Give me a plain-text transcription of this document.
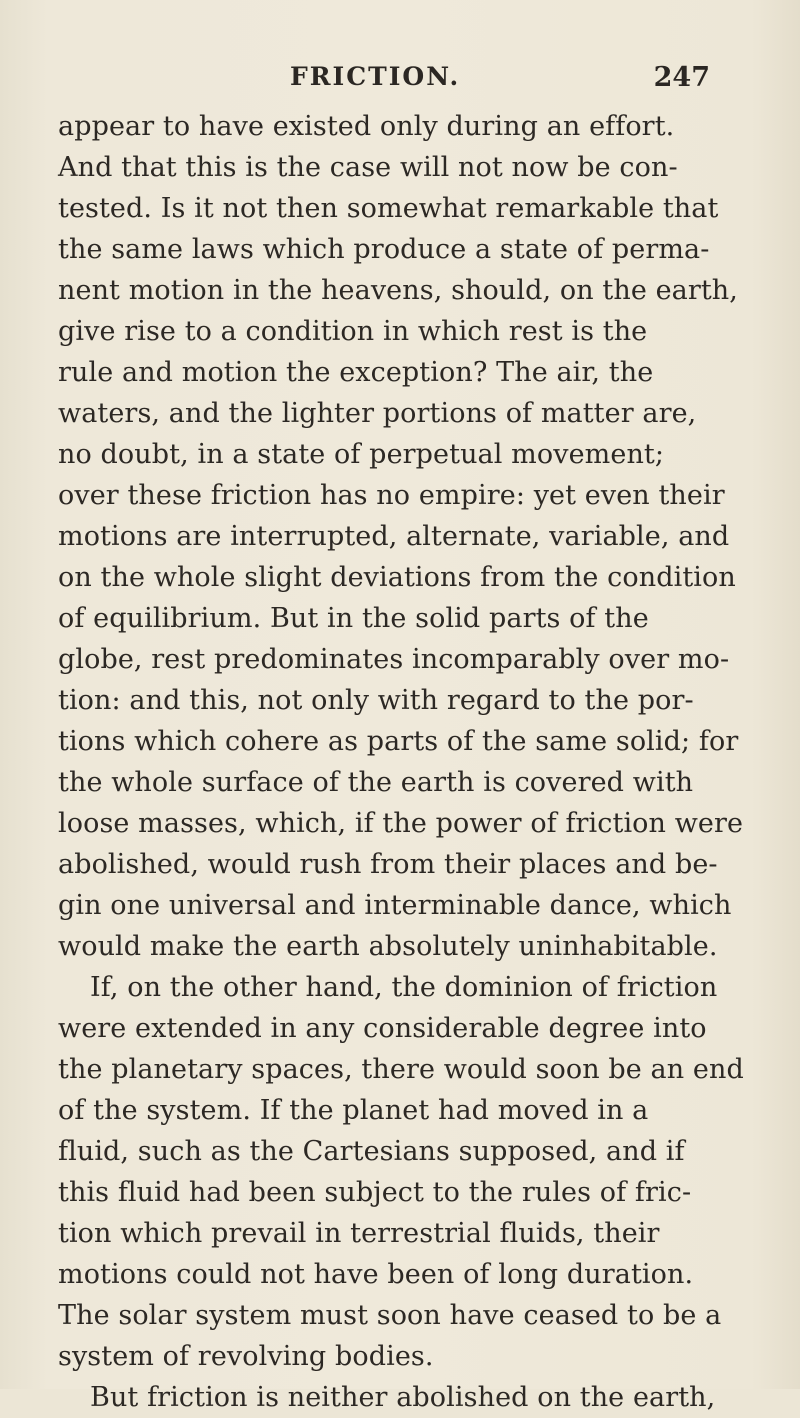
FRICTION.	247
appear to have existed only during an effort.
And that this is the case will not now be con-
tested. Is it not then somewhat remarkable that
the same laws which produce a state of perma-
nent motion in the heavens, should, on the earth,
give rise to a condition in which rest is the
rule and motion the exception? The air, the
waters, and the lighter portions of matter are,
no doubt, in a state of perpetual movement;
over these friction has no empire: yet even their
motions are interrupted, alternate, variable, and
on the whole slight deviations from the condition
of equilibrium. But in the solid parts of the
globe, rest predominates incomparably over mo-
tion: and this, not only with regard to the por-
tions which cohere as parts of the same solid; for
the whole surface of the earth is covered with
loose masses, which, if the power of friction were
abolished, would rush from their places and be-
gin one universal and interminable dance, which
would make the earth absolutely uninhabitable.
If, on the other hand, the dominion of friction
were extended in any considerable degree into
the planetary spaces, there would soon be an end
of the system. If the planet had moved in a
fluid, such as the Cartesians supposed, and if
this fluid had been subject to the rules of fric-
tion which prevail in terrestrial fluids, their
motions could not have been of long duration.
The solar system must soon have ceased to be a
system of revolving bodies.
But friction is neither abolished on the earth,
